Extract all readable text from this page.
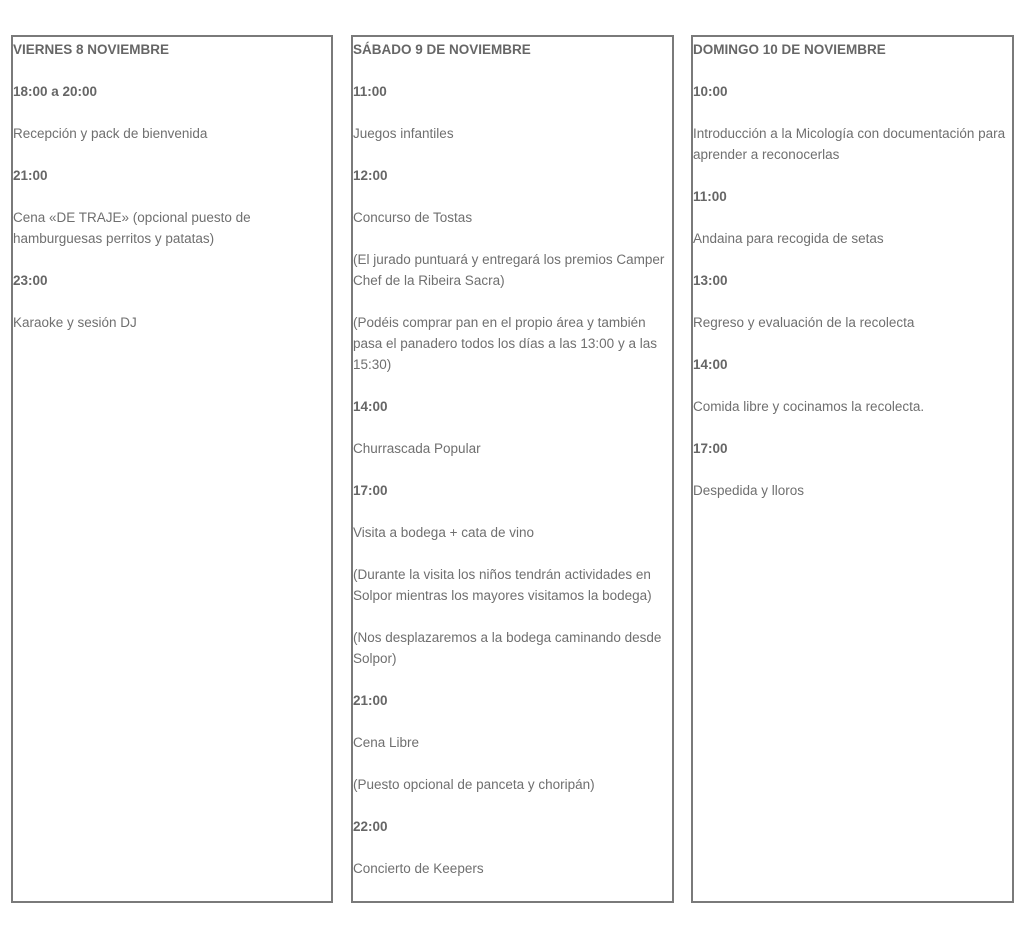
VIERNES 8 NOVIEMBRE
18:00 a 20:00
Recepción y pack de bienvenida
21:00
Cena «DE TRAJE» (opcional puesto de hamburguesas perritos y patatas)
23:00
Karaoke y sesión DJ
SÁBADO 9 DE NOVIEMBRE
11:00
Juegos infantiles
12:00
Concurso de Tostas
(El jurado puntuará y entregará los premios Camper Chef de la Ribeira Sacra)
(Podéis comprar pan en el propio área y también pasa el panadero todos los días a las 13:00 y a las 15:30)
14:00
Churrascada Popular
17:00
Visita a bodega + cata de vino
(Durante la visita los niños tendrán actividades en Solpor mientras los mayores visitamos la bodega)
(Nos desplazaremos a la bodega caminando desde Solpor)
21:00
Cena Libre
(Puesto opcional de panceta y choripán)
22:00
Concierto de Keepers
DOMINGO 10 DE NOVIEMBRE
10:00
Introducción a la Micología con documentación para aprender a reconocerlas
11:00
Andaina para recogida de setas
13:00
Regreso y evaluación de la recolecta
14:00
Comida libre y cocinamos la recolecta.
17:00
Despedida y lloros
